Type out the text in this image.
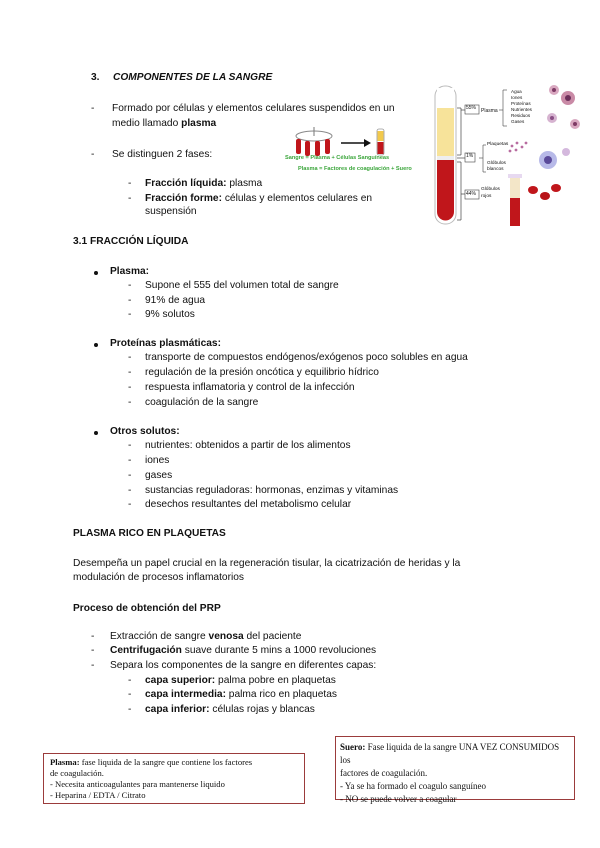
3. COMPONENTES DE LA SANGRE
- Formado por células y elementos celulares suspendidos en un
medio llamado plasma
- Se distinguen 2 fases:
- Fracción líquida: plasma
- Fracción forme: células y elementos celulares en
suspensión
Sangre = Plasma + Células Sanguíneas
Plasma = Factores de coagulación + Suero
55% Plasma
Agua
Iones
Proteínas
Nutrientes
Residuos
Gases
1%
Plaquetas
Glóbulos
blancos
44%
Glóbulos
rojos
3.1 FRACCIÓN LÍQUIDA
Plasma:
- Supone el 555 del volumen total de sangre
- 91% de agua
- 9% solutos
Proteínas plasmáticas:
- transporte de compuestos endógenos/exógenos poco solubles en agua
- regulación de la presión oncótica y equilibrio hídrico
- respuesta inflamatoria y control de la infección
- coagulación de la sangre
Otros solutos:
- nutrientes: obtenidos a partir de los alimentos
- iones
- gases
- sustancias reguladoras: hormonas, enzimas y vitaminas
- desechos resultantes del metabolismo celular
PLASMA RICO EN PLAQUETAS
Desempeña un papel crucial en la regeneración tisular, la cicatrización de heridas y la
modulación de procesos inflamatorios
Proceso de obtención del PRP
- Extracción de sangre venosa del paciente
- Centrifugación suave durante 5 mins a 1000 revoluciones
- Separa los componentes de la sangre en diferentes capas:
- capa superior: palma pobre en plaquetas
- capa intermedia: palma rico en plaquetas
- capa inferior: células rojas y blancas
Plasma: fase liquida de la sangre que contiene los factores
de coagulación.
- Necesita anticoagulantes para mantenerse liquido
- Heparina / EDTA / Citrato
Suero: Fase liquida de la sangre UNA VEZ CONSUMIDOS los
factores de coagulación.
- Ya se ha formado el coagulo sanguíneo
- NO se puede volver a coagular
